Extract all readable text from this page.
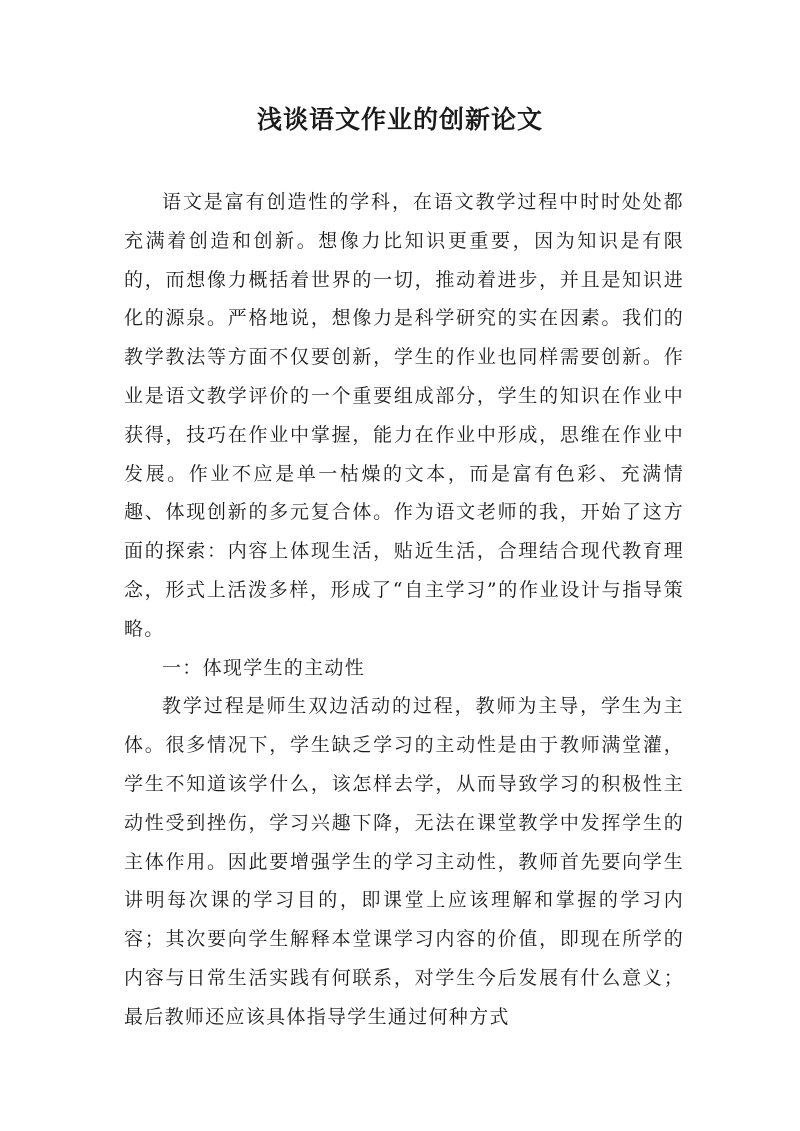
浅谈语文作业的创新论文

语文是富有创造性的学科，在语文教学过程中时时处处都充满着创造和创新。想像力比知识更重要，因为知识是有限的，而想像力概括着世界的一切，推动着进步，并且是知识进化的源泉。严格地说，想像力是科学研究的实在因素。我们的教学教法等方面不仅要创新，学生的作业也同样需要创新。作业是语文教学评价的一个重要组成部分，学生的知识在作业中获得，技巧在作业中掌握，能力在作业中形成，思维在作业中发展。作业不应是单一枯燥的文本，而是富有色彩、充满情趣、体现创新的多元复合体。作为语文老师的我，开始了这方面的探索：内容上体现生活，贴近生活，合理结合现代教育理念，形式上活泼多样，形成了“自主学习”的作业设计与指导策略。

一：体现学生的主动性

教学过程是师生双边活动的过程，教师为主导，学生为主体。很多情况下，学生缺乏学习的主动性是由于教师满堂灌，学生不知道该学什么，该怎样去学，从而导致学习的积极性主动性受到挫伤，学习兴趣下降，无法在课堂教学中发挥学生的主体作用。因此要增强学生的学习主动性，教师首先要向学生讲明每次课的学习目的，即课堂上应该理解和掌握的学习内容；其次要向学生解释本堂课学习内容的价值，即现在所学的内容与日常生活实践有何联系，对学生今后发展有什么意义；最后教师还应该具体指导学生通过何种方式
